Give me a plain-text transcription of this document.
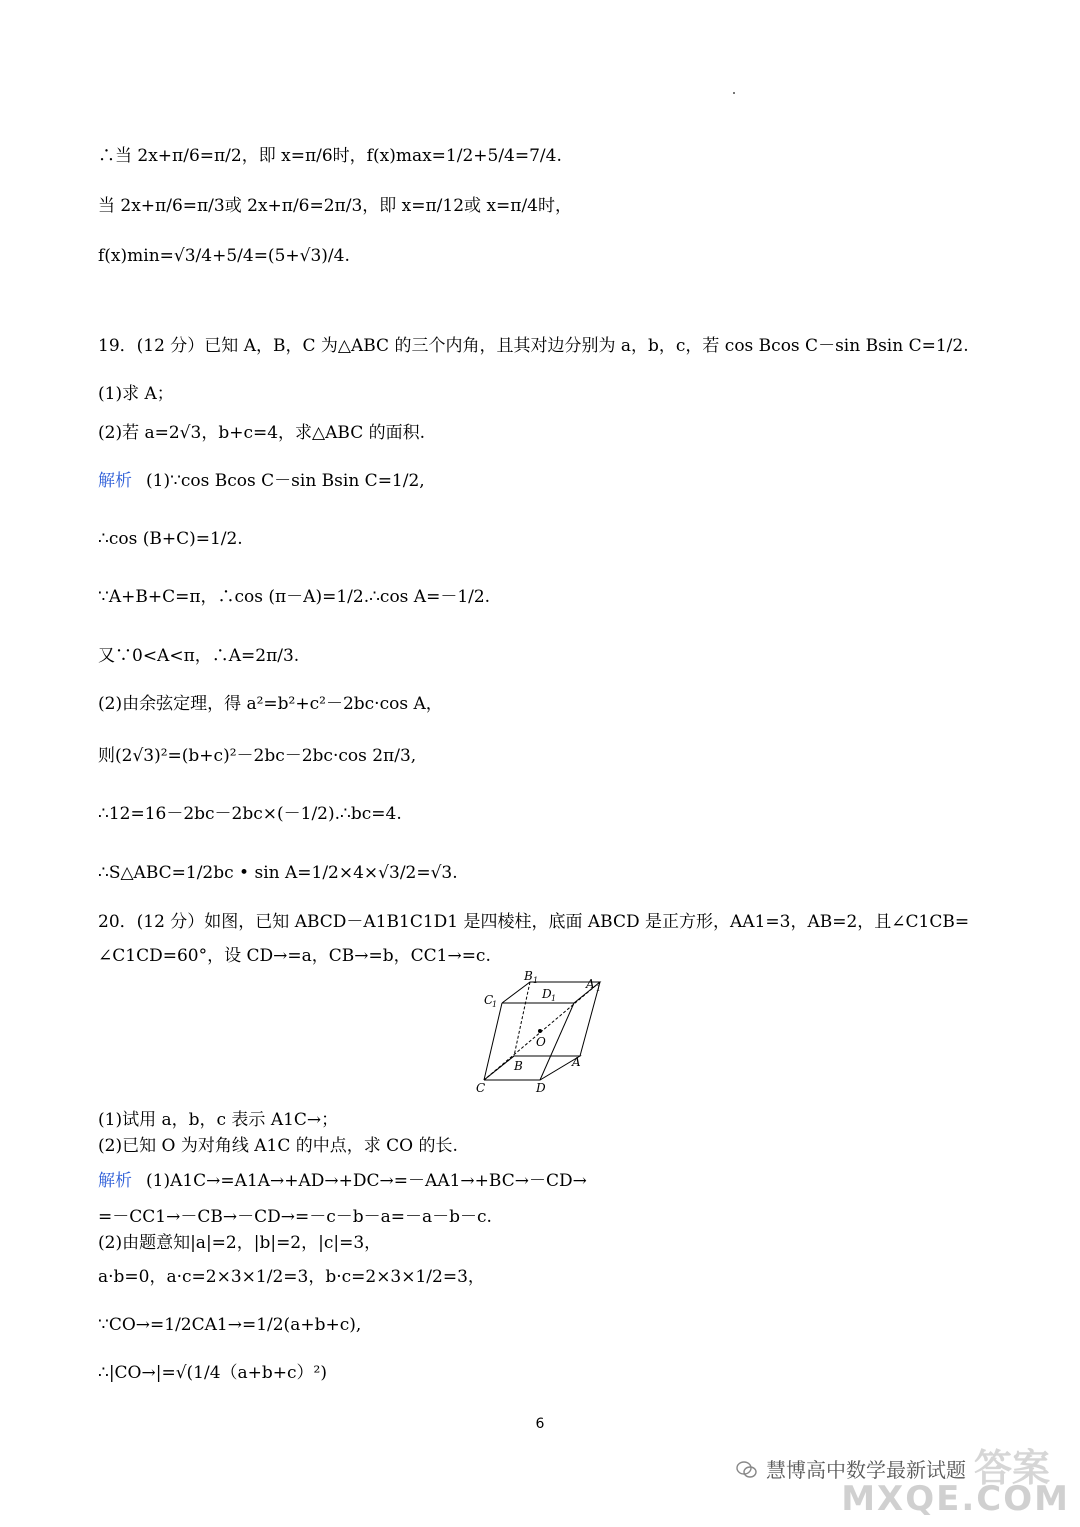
∴当 2x+π/6=π/2，即 x=π/6时，f(x)max=1/2+5/4=7/4.
当 2x+π/6=π/3或 2x+π/6=2π/3，即 x=π/12或 x=π/4时，
f(x)min=√3/4+5/4=(5+√3)/4.
19．(12 分）已知 A，B，C 为△ABC 的三个内角，且其对边分别为 a，b，c，若 cos Bcos C－sin Bsin C=1/2.
(1)求 A；
(2)若 a=2√3，b+c=4，求△ABC 的面积.
解析 (1)∵cos Bcos C－sin Bsin C=1/2,
∴cos (B+C)=1/2.
∵A+B+C=π，∴cos (π－A)=1/2.∴cos A=－1/2.
又∵0<A<π，∴A=2π/3.
(2)由余弦定理，得 a²=b²+c²－2bc·cos A，
则(2√3)²=(b+c)²－2bc－2bc·cos 2π/3,
∴12=16－2bc－2bc×(－1/2).∴bc=4.
∴S△ABC=1/2bc • sin A=1/2×4×√3/2=√3.
20．(12 分）如图，已知 ABCD－A1B1C1D1 是四棱柱，底面 ABCD 是正方形，AA1=3，AB=2，且∠C1CB=
∠C1CD=60°，设 CD→=a，CB→=b，CC1→=c.
(1)试用 a，b，c 表示 A1C→；
(2)已知 O 为对角线 A1C 的中点，求 CO 的长.
解析 (1)A1C→=A1A→+AD→+DC→=－AA1→+BC→－CD→
=－CC1→－CB→－CD→=－c－b－a=－a－b－c.
(2)由题意知|a|=2，|b|=2，|c|=3，
a·b=0，a·c=2×3×1/2=3，b·c=2×3×1/2=3，
∵CO→=1/2CA1→=1/2(a+b+c),
∴|CO→|=√(1/4（a+b+c）²)
B 1
C
1
D 1
A 1
O
A
B
C	D
6
慧博高中数学最新试题 答案
MXQE.COM
